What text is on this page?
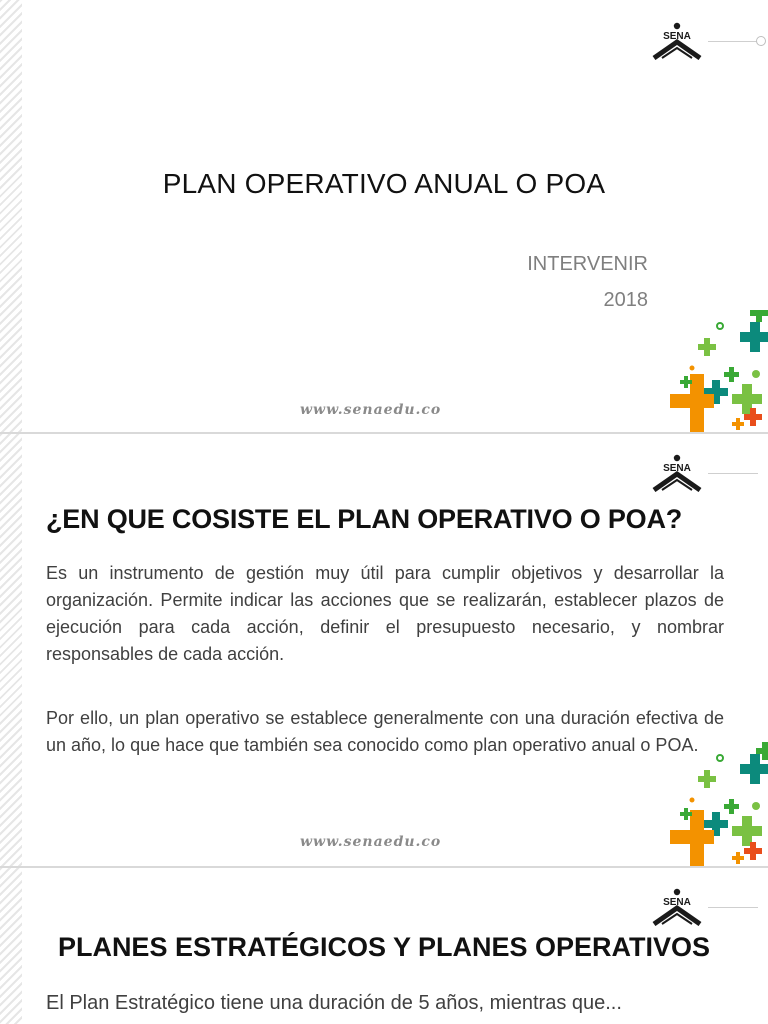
SENA
PLAN OPERATIVO ANUAL O POA
INTERVENIR
2018
www.senaedu.co
SENA
¿EN QUE COSISTE EL PLAN OPERATIVO O POA?
Es un instrumento de gestión muy útil para cumplir objetivos y desarrollar la organización. Permite indicar las acciones que se realizarán, establecer plazos de ejecución para cada acción, definir el presupuesto necesario, y nombrar responsables de cada acción.
Por ello, un plan operativo se establece generalmente con una duración efectiva de un año, lo que hace que también sea conocido como plan operativo anual o POA.
www.senaedu.co
SENA
PLANES ESTRATÉGICOS Y PLANES OPERATIVOS
El Plan Estratégico tiene una duración de 5 años, mientras que...
